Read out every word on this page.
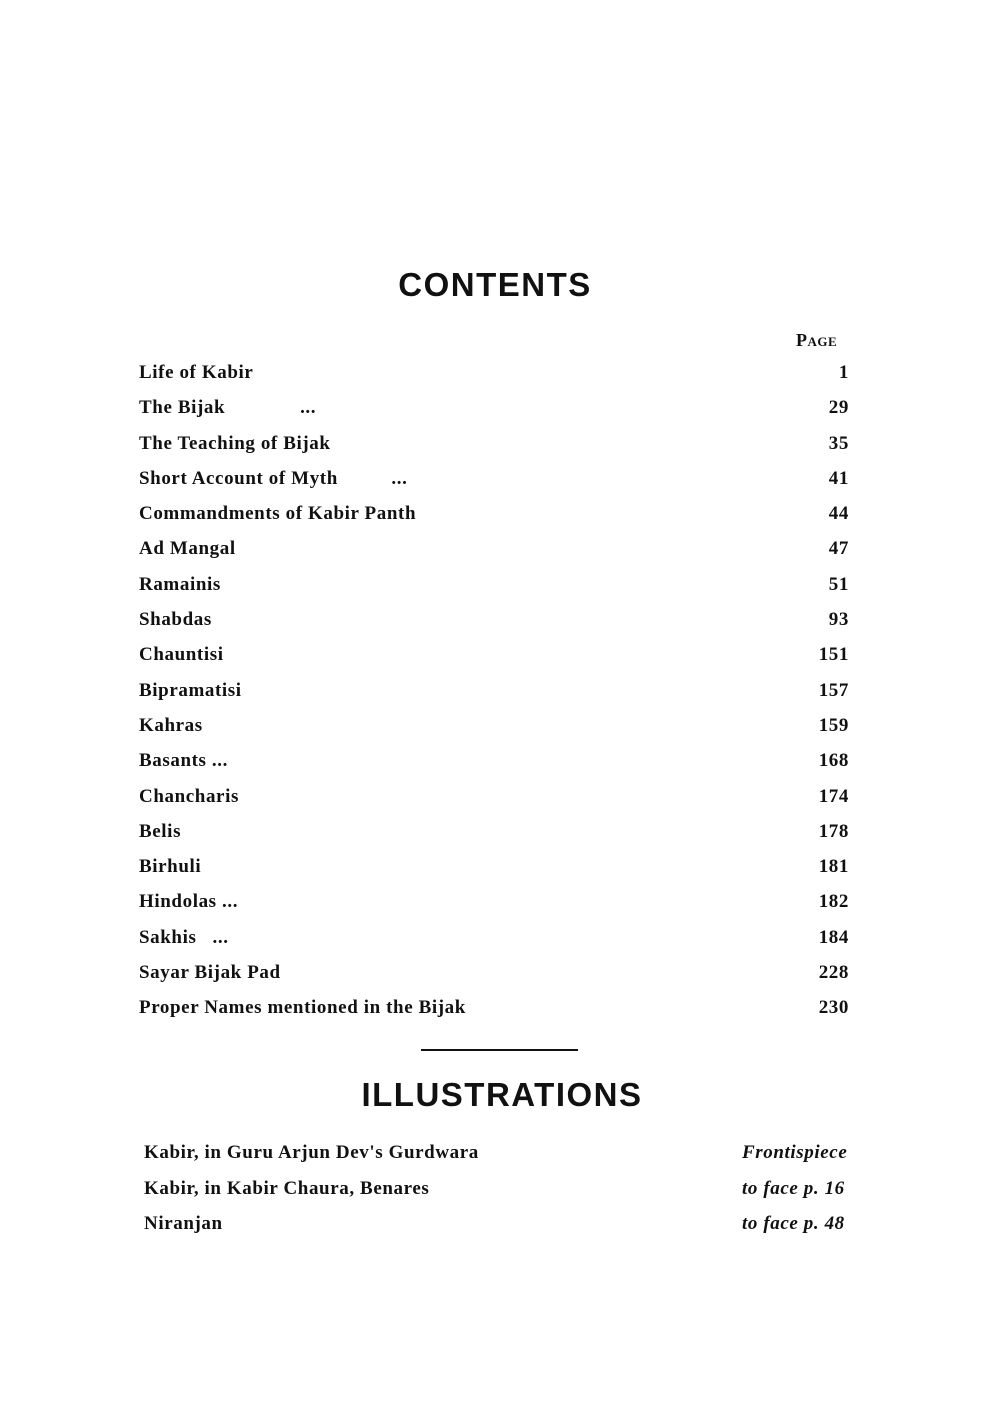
CONTENTS
Page
Life of Kabir	1
The Bijak              ...	29
The Teaching of Bijak	35
Short Account of Myth          ...	41
Commandments of Kabir Panth	44
Ad Mangal	47
Ramainis	51
Shabdas	93
Chauntisi	151
Bipramatisi	157
Kahras	159
Basants ...	168
Chancharis	174
Belis	178
Birhuli	181
Hindolas ...	182
Sakhis   ...	184
Sayar Bijak Pad	228
Proper Names mentioned in the Bijak	230
ILLUSTRATIONS
Kabir, in Guru Arjun Dev's Gurdwara	Frontispiece
Kabir, in Kabir Chaura, Benares	to face p. 16
Niranjan	to face p. 48
